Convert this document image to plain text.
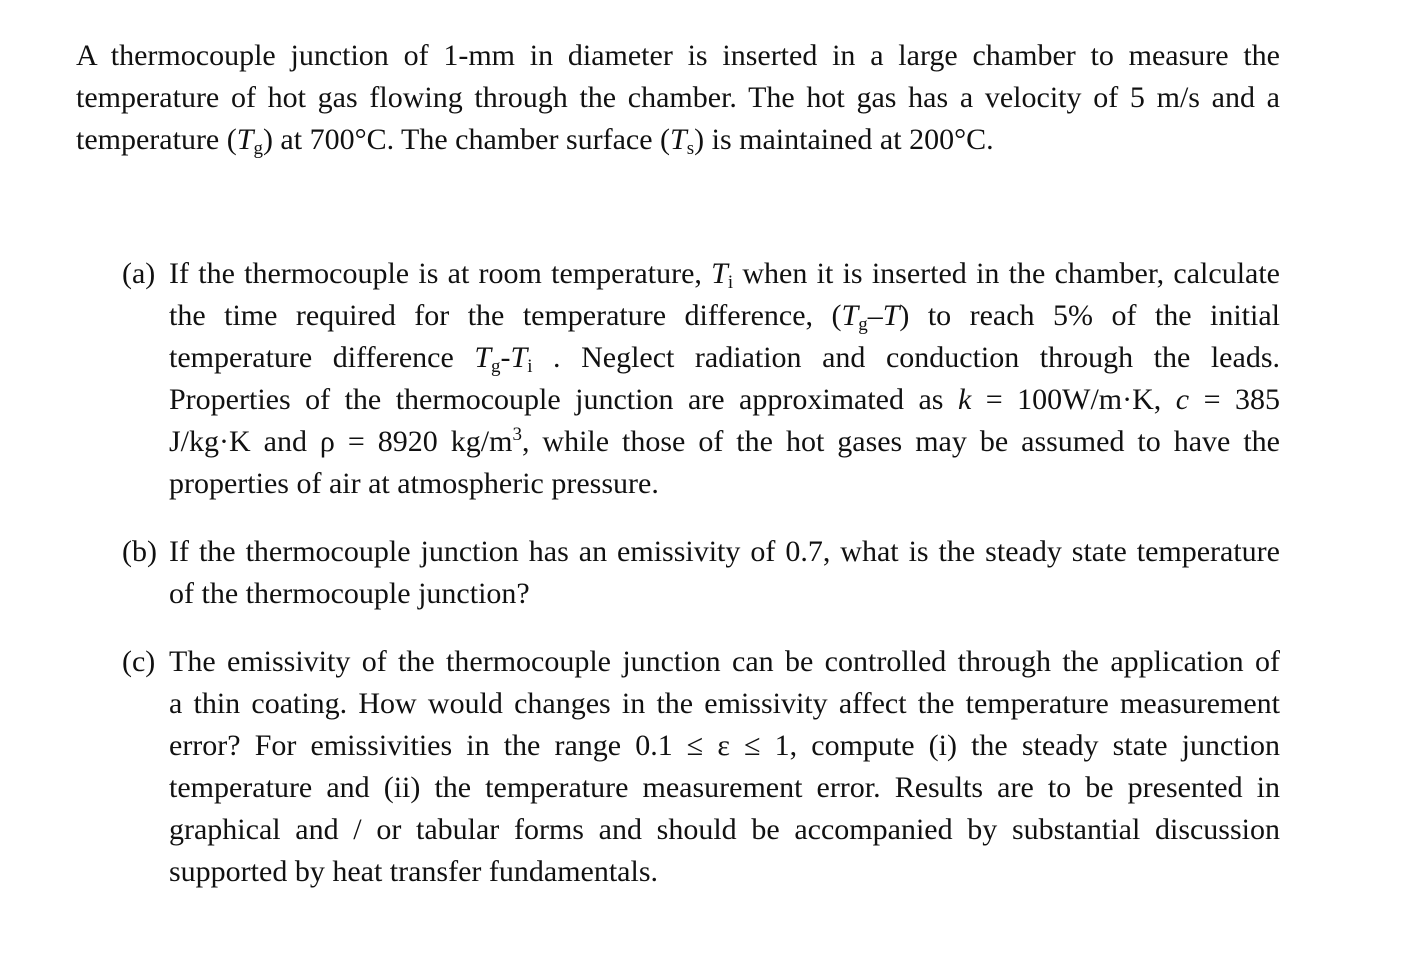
A thermocouple junction of 1-mm in diameter is inserted in a large chamber to measure the
temperature of hot gas flowing through the chamber. The hot gas has a velocity of 5 m/s and a
temperature $(T_g)$ at 700°C. The chamber surface $(T_s)$ is maintained at 200°C.
(a) If the thermocouple is at room temperature, $T_i$ when it is inserted in the chamber, calculate
the time required for the temperature difference, $(T_g-T)$ to reach 5% of the initial
temperature difference $T_g-T_i$ . Neglect radiation and conduction through the leads.
Properties of the thermocouple junction are approximated as k = 100W/m·K, c = 385
J/kg·K and ρ = 8920 $kg/m^3$, while those of the hot gases may be assumed to have the
properties of air at atmospheric pressure.
(b) If the thermocouple junction has an emissivity of 0.7, what is the steady state temperature
of the thermocouple junction?
(c) The emissivity of the thermocouple junction can be controlled through the application of
a thin coating. How would changes in the emissivity affect the temperature measurement
error? For emissivities in the range 0.1 ≤ ε ≤ 1, compute (i) the steady state junction
temperature and (ii) the temperature measurement error. Results are to be presented in
graphical and / or tabular forms and should be accompanied by substantial discussion
supported by heat transfer fundamentals.
